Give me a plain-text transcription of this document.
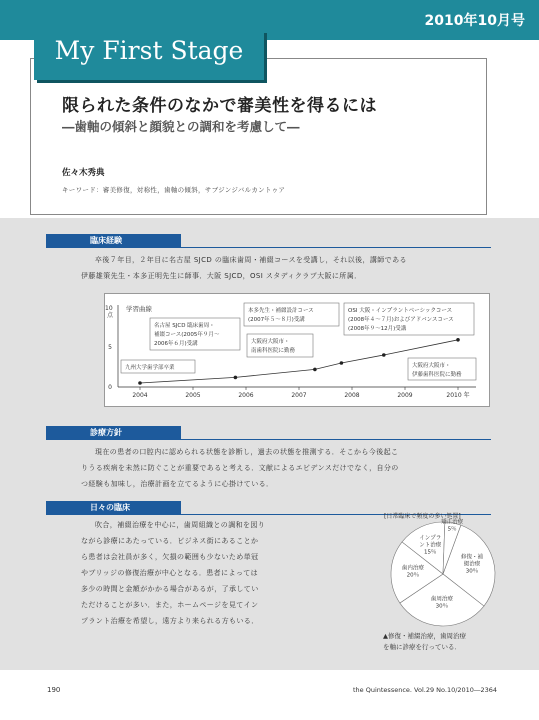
2010年10月号
My First Stage
限られた条件のなかで審美性を得るには
―歯軸の傾斜と顔貌との調和を考慮して―
佐々木秀典
キーワード：審美修復，対称性，歯軸の傾斜，サブジンジバルカントゥア
臨床経験
卒後７年目，２年目に名古屋 SJCD の臨床歯周・補綴コースを受講し，それ以後，講師である
伊藤雄策先生・本多正明先生に師事．大阪 SJCD，OSI スタディクラブ大阪に所属．
10
点
学習曲線
2004	2005	2006	2007	2008	2009	2010 年
0
5
九州大学歯学部卒業
名古屋 SJCD 臨床歯周・
補綴コース(2005年９月〜
2006年６月)受講
本多先生・補綴設計コース
(2007年５〜８月)受講
大阪府大阪市・
南歯科医院に勤務
OSI 大阪・インプラントベーシックコース
(2008年４〜７月)およびアドバンスコース
(2008年９〜12月)受講
大阪府大阪市・
伊藤歯科医院に勤務
診療方針
現在の患者の口腔内に認められる状態を診断し，過去の状態を推測する．そこから今後起こ
りうる疾病を未然に防ぐことが重要であると考える．文献によるエビデンスだけでなく，自分の
つ経験も加味し，治療計画を立てるように心掛けている．
日々の臨床
吹合，補綴治療を中心に，歯周組織との調和を図り
ながら診療にあたっている．ビジネス街にあることか
ら患者は会社員が多く，欠損の範囲も少ないため単冠
やブリッジの修復治療が中心となる．患者によっては
多少の時間と金額がかかる場合があるが，了承してい
ただけることが多い．また，ホームページを見てイン
プラント治療を希望し，遠方より来られる方もいる．
[日常臨床で頻度の多い処置]
修復・補
綴治療
30％
歯周治療
30％
歯内治療
20％
インプラ
ント治療
15％
矯正治療
5％
▲修復・補綴治療，歯周治療
を軸に診療を行っている．
190	the Quintessence. Vol.29 No.10/2010―2364
